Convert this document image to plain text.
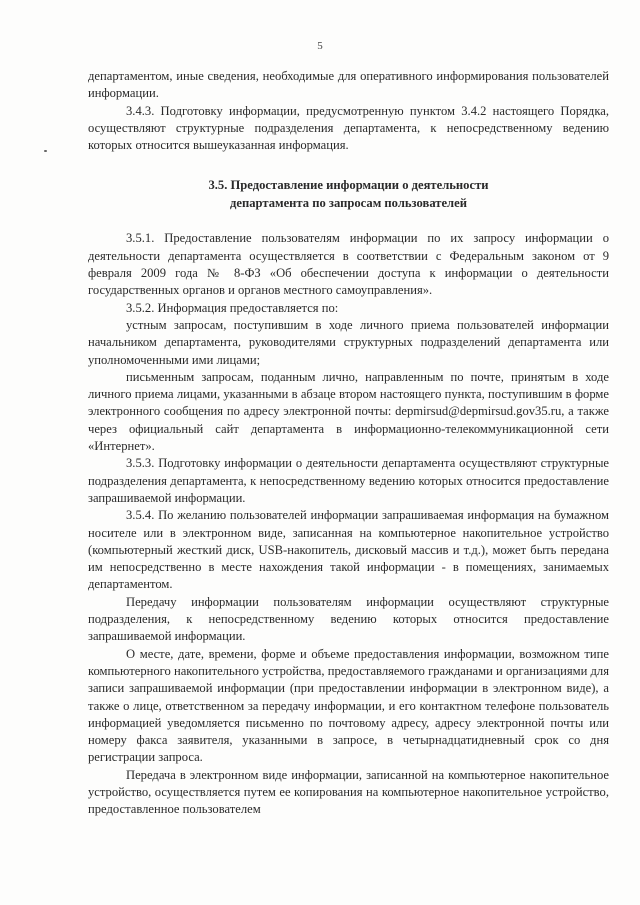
5

департаментом, иные сведения, необходимые для оперативного информирования пользователей информации.

3.4.3. Подготовку информации, предусмотренную пунктом 3.4.2 настоящего Порядка, осуществляют структурные подразделения департамента, к непосредственному ведению которых относится вышеуказанная информация.

3.5. Предоставление информации о деятельности
департамента по запросам пользователей

3.5.1. Предоставление пользователям информации по их запросу информации о деятельности департамента осуществляется в соответствии с Федеральным законом от 9 февраля 2009 года № 8-ФЗ «Об обеспечении доступа к информации о деятельности государственных органов и органов местного самоуправления».

3.5.2. Информация предоставляется по:

устным запросам, поступившим в ходе личного приема пользователей информации начальником департамента, руководителями структурных подразделений департамента или уполномоченными ими лицами;

письменным запросам, поданным лично, направленным по почте, принятым в ходе личного приема лицами, указанными в абзаце втором настоящего пункта, поступившим в форме электронного сообщения по адресу электронной почты: depmirsud@depmirsud.gov35.ru, а также через официальный сайт департамента в информационно-телекоммуникационной сети «Интернет».

3.5.3. Подготовку информации о деятельности департамента осуществляют структурные подразделения департамента, к непосредственному ведению которых относится предоставление запрашиваемой информации.

3.5.4. По желанию пользователей информации запрашиваемая информация на бумажном носителе или в электронном виде, записанная на компьютерное накопительное устройство (компьютерный жесткий диск, USB-накопитель, дисковый массив и т.д.), может быть передана им непосредственно в месте нахождения такой информации - в помещениях, занимаемых департаментом.

Передачу информации пользователям информации осуществляют структурные подразделения, к непосредственному ведению которых относится предоставление запрашиваемой информации.

О месте, дате, времени, форме и объеме предоставления информации, возможном типе компьютерного накопительного устройства, предоставляемого гражданами и организациями для записи запрашиваемой информации (при предоставлении информации в электронном виде), а также о лице, ответственном за передачу информации, и его контактном телефоне пользователь информацией уведомляется письменно по почтовому адресу, адресу электронной почты или номеру факса заявителя, указанными в запросе, в четырнадцатидневный срок со дня регистрации запроса.

Передача в электронном виде информации, записанной на компьютерное накопительное устройство, осуществляется путем ее копирования на компьютерное накопительное устройство, предоставленное пользователем
